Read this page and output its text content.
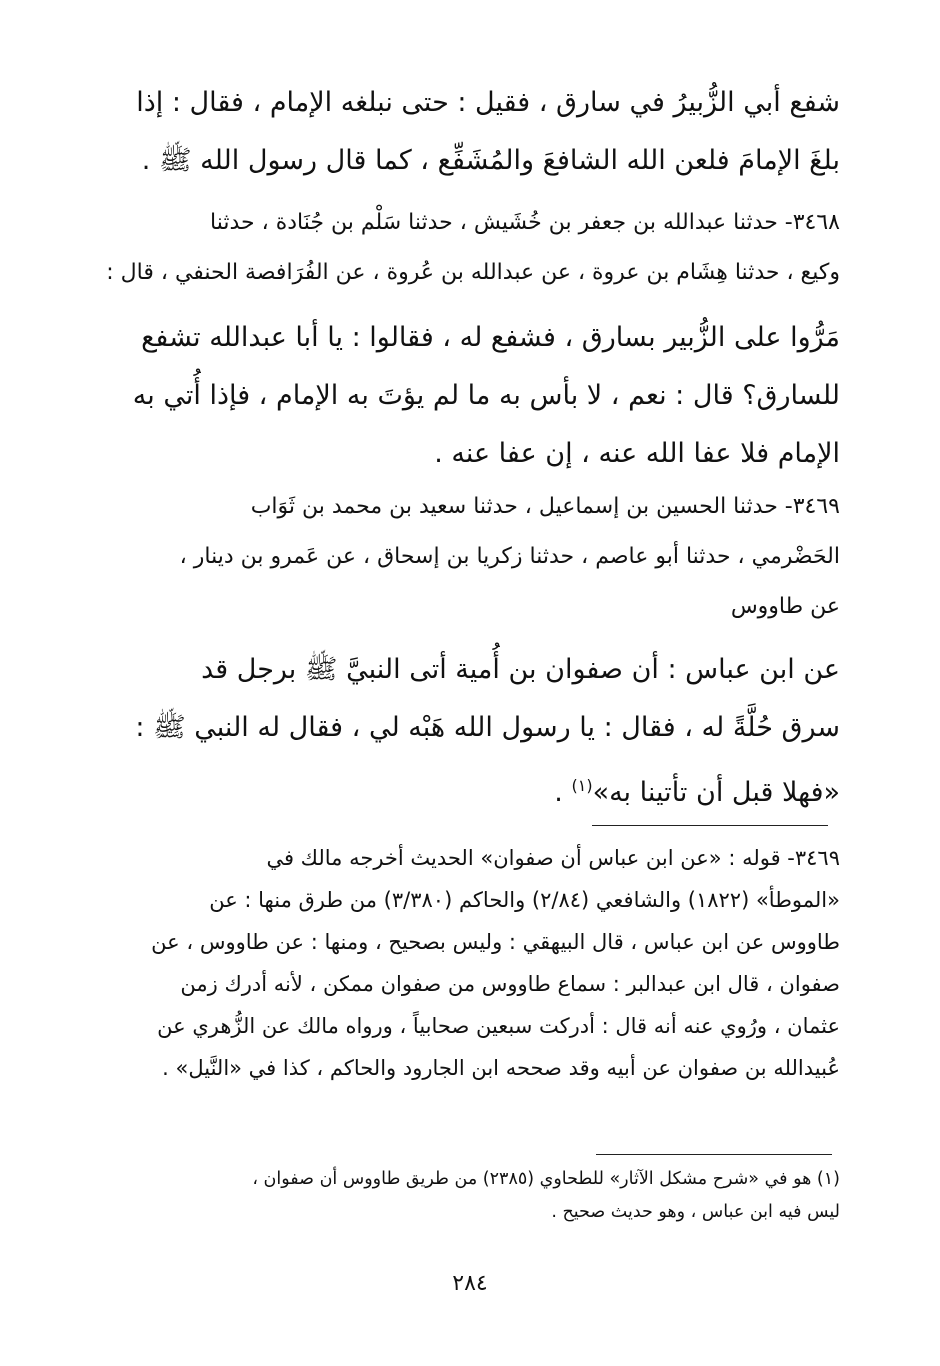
شفع أبي الزُّبيرُ في سارق ، فقيل : حتى نبلغه الإمام ، فقال : إذا
بلغَ الإمامَ فلعن الله الشافعَ والمُشَفِّع ، كما قال رسول الله ﷺ .

٣٤٦٨- حدثنا عبدالله بن جعفر بن خُشَيش ، حدثنا سَلْم بن جُنَادة ، حدثنا
وكيع ، حدثنا هِشَام بن عروة ، عن عبدالله بن عُروة ، عن الفُرَافصة الحنفي ، قال :

مَرُّوا على الزُّبير بسارق ، فشفع له ، فقالوا : يا أبا عبدالله تشفع
للسارق؟ قال : نعم ، لا بأس به ما لم يؤتَ به الإمام ، فإذا أُتي به
الإمام فلا عفا الله عنه ، إن عفا عنه .

٣٤٦٩- حدثنا الحسين بن إسماعيل ، حدثنا سعيد بن محمد بن ثَوَاب
الحَضْرمي ، حدثنا أبو عاصم ، حدثنا زكريا بن إسحاق ، عن عَمرو بن دينار ،
عن طاووس

عن ابن عباس : أن صفوان بن أُمية أتى النبيَّ ﷺ برجل قد
سرق حُلَّةً له ، فقال : يا رسول الله هَبْه لي ، فقال له النبي ﷺ :
«فهلا قبل أن تأتينا به»$^{(١)}$ .

٣٤٦٩- قوله : «عن ابن عباس أن صفوان» الحديث أخرجه مالك في
«الموطأ» (١٨٢٢) والشافعي (٢/٨٤) والحاكم (٣/٣٨٠) من طرق منها : عن
طاووس عن ابن عباس ، قال البيهقي : وليس بصحيح ، ومنها : عن طاووس ، عن
صفوان ، قال ابن عبدالبر : سماع طاووس من صفوان ممكن ، لأنه أدرك زمن
عثمان ، ورُوي عنه أنه قال : أدركت سبعين صحابياً ، ورواه مالك عن الزُّهري عن
عُبيدالله بن صفوان عن أبيه وقد صححه ابن الجارود والحاكم ، كذا في «النَّيل» .

(١) هو في «شرح مشكل الآثار» للطحاوي (٢٣٨٥) من طريق طاووس أن صفوان ،
ليس فيه ابن عباس ، وهو حديث صحيح .

٢٨٤
